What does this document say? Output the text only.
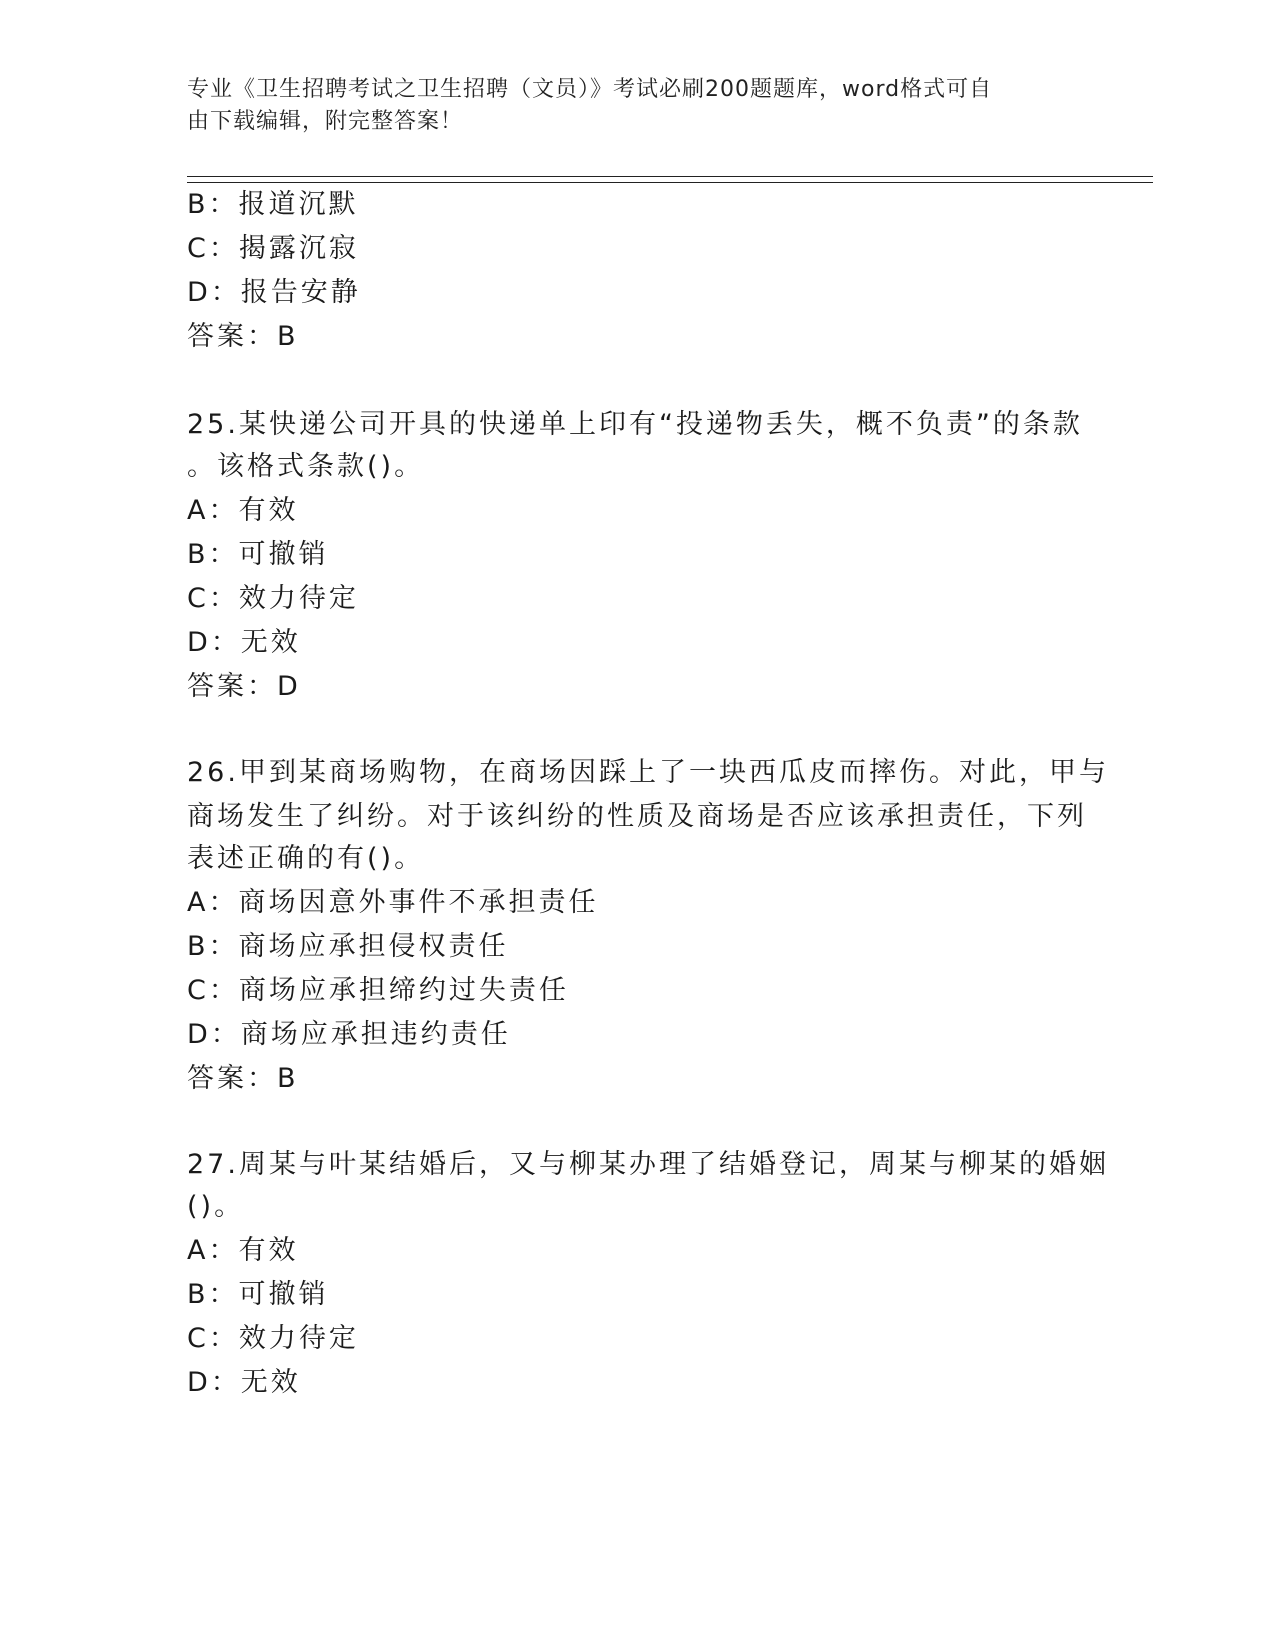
专业《卫生招聘考试之卫生招聘（文员）》考试必刷200题题库，word格式可自
由下载编辑，附完整答案！
B：报道沉默
C：揭露沉寂
D：报告安静
答案：B
25.某快递公司开具的快递单上印有“投递物丢失，概不负责”的条款
。该格式条款()。
A：有效
B：可撤销
C：效力待定
D：无效
答案：D
26.甲到某商场购物，在商场因踩上了一块西瓜皮而摔伤。对此，甲与
商场发生了纠纷。对于该纠纷的性质及商场是否应该承担责任，下列
表述正确的有()。
A：商场因意外事件不承担责任
B：商场应承担侵权责任
C：商场应承担缔约过失责任
D：商场应承担违约责任
答案：B
27.周某与叶某结婚后，又与柳某办理了结婚登记，周某与柳某的婚姻
()。
A：有效
B：可撤销
C：效力待定
D：无效
